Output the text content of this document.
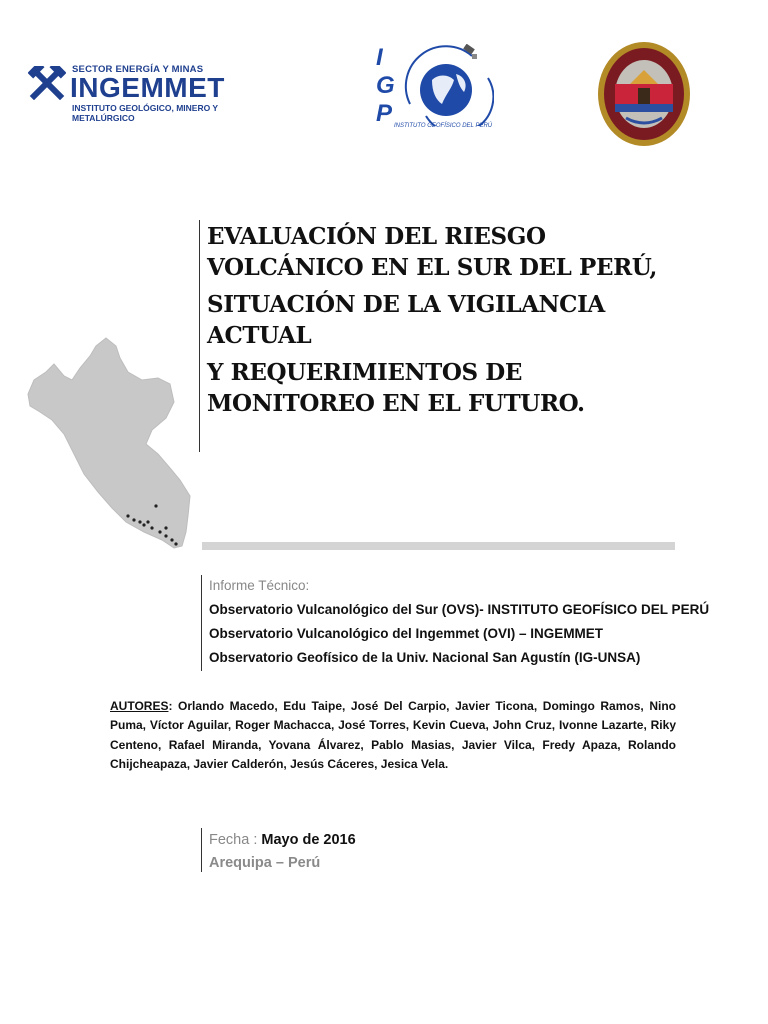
SECTOR ENERGÍA Y MINAS
INGEMMET
INSTITUTO GEOLÓGICO, MINERO Y METALÚRGICO
I
G
P INSTITUTO GEOFÍSICO DEL PERÚ

EVALUACIÓN DEL RIESGO VOLCÁNICO EN EL SUR DEL PERÚ,

SITUACIÓN DE LA VIGILANCIA ACTUAL

Y REQUERIMIENTOS DE MONITOREO EN EL FUTURO.

Informe Técnico:
Observatorio Vulcanológico del Sur (OVS)- INSTITUTO GEOFÍSICO DEL PERÚ
Observatorio Vulcanológico del Ingemmet (OVI) – INGEMMET
Observatorio Geofísico de la Univ. Nacional San Agustín (IG-UNSA)
AUTORES: Orlando Macedo, Edu Taipe, José Del Carpio, Javier Ticona, Domingo Ramos, Nino Puma, Víctor Aguilar, Roger Machacca, José Torres, Kevin Cueva, John Cruz, Ivonne Lazarte, Riky Centeno, Rafael Miranda, Yovana Álvarez, Pablo Masias, Javier Vilca, Fredy Apaza, Rolando Chijcheapaza, Javier Calderón, Jesús Cáceres, Jesica Vela.
Fecha : Mayo de 2016
Arequipa – Perú
